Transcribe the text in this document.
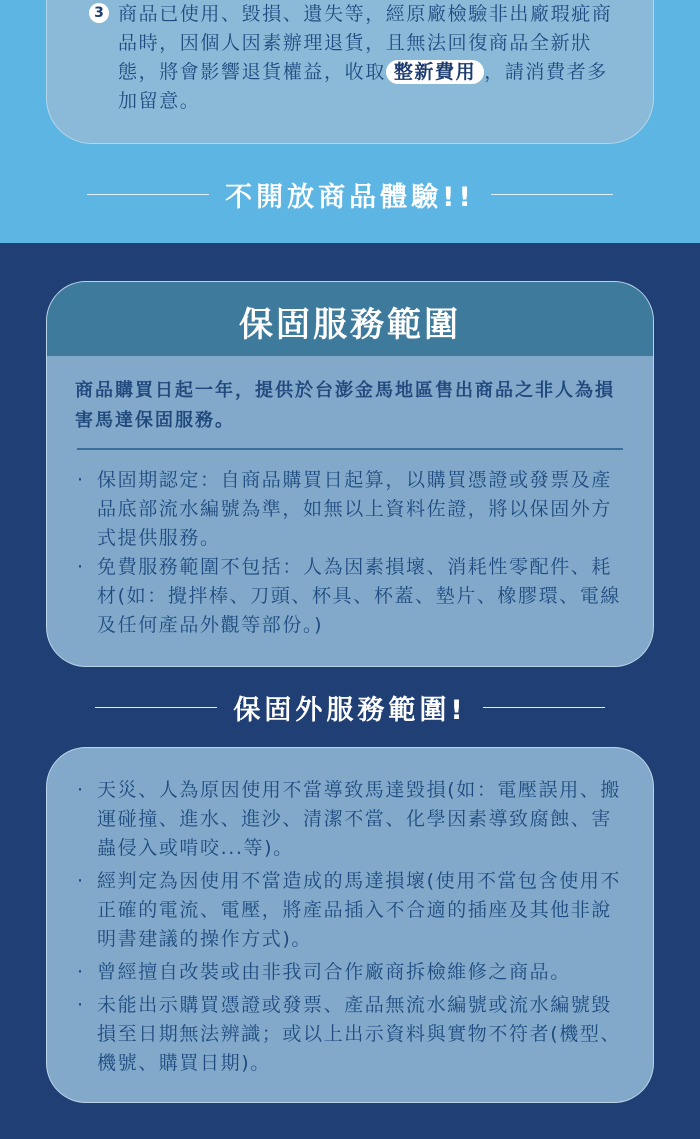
3 商品已使用、毀損、遺失等，經原廠檢驗非出廠瑕疵商品時，因個人因素辦理退貨，且無法回復商品全新狀態，將會影響退貨權益，收取 整新費用 ，請消費者多加留意。
不開放商品體驗!!
保固服務範圍
商品購買日起一年，提供於台澎金馬地區售出商品之非人為損害馬達保固服務。
· 保固期認定：自商品購買日起算，以購買憑證或發票及產品底部流水編號為準，如無以上資料佐證，將以保固外方式提供服務。
· 免費服務範圍不包括：人為因素損壞、消耗性零配件、耗材(如：攪拌棒、刀頭、杯具、杯蓋、墊片、橡膠環、電線及任何產品外觀等部份。)
保固外服務範圍!
· 天災、人為原因使用不當導致馬達毀損(如：電壓誤用、搬運碰撞、進水、進沙、清潔不當、化學因素導致腐蝕、害蟲侵入或啃咬...等)。
· 經判定為因使用不當造成的馬達損壞(使用不當包含使用不正確的電流、電壓，將產品插入不合適的插座及其他非說明書建議的操作方式)。
· 曾經擅自改裝或由非我司合作廠商拆檢維修之商品。
· 未能出示購買憑證或發票、產品無流水編號或流水編號毀損至日期無法辨識；或以上出示資料與實物不符者(機型、機號、購買日期)。
